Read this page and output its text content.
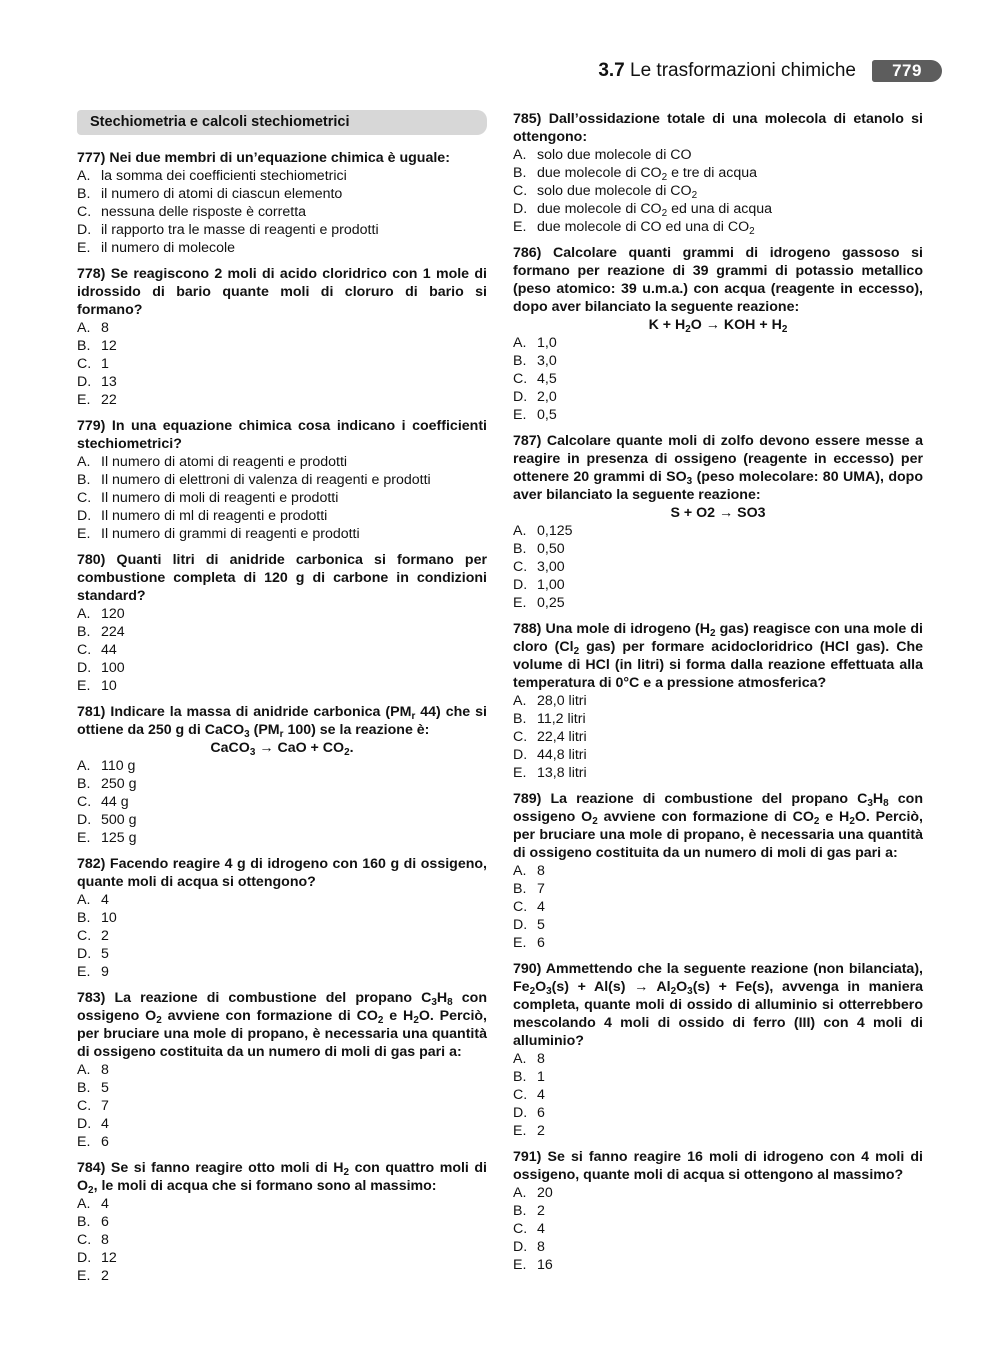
3.7 Le trasformazioni chimiche	779
Stechiometria e calcoli stechiometrici

777) Nei due membri di un’equazione chimica è uguale:

A. la somma dei coefficienti stechiometrici
B. il numero di atomi di ciascun elemento
C. nessuna delle risposte è corretta
D. il rapporto tra le masse di reagenti e prodotti
E. il numero di molecole

778) Se reagiscono 2 moli di acido cloridrico con 1 mole di idrossido di bario quante moli di cloruro di bario si formano?

A. 8
B. 12
C. 1
D. 13
E. 22

779) In una equazione chimica cosa indicano i coefficienti stechiometrici?

A. Il numero di atomi di reagenti e prodotti
B. Il numero di elettroni di valenza di reagenti e prodotti
C. Il numero di moli di reagenti e prodotti
D. Il numero di ml di reagenti e prodotti
E. Il numero di grammi di reagenti e prodotti

780) Quanti litri di anidride carbonica si formano per combustione completa di 120 g di carbone in condizioni standard?

A. 120
B. 224
C. 44
D. 100
E. 10

781) Indicare la massa di anidride carbonica ($PM_r$ 44) che si ottiene da 250 g di CaCO$_3$ ($PM_r$ 100) se la reazione è:

CaCO$_3$ → CaO + $CO_2$.

A. 110 g
B. 250 g
C. 44 g
D. 500 g
E. 125 g

782) Facendo reagire 4 g di idrogeno con 160 g di ossigeno, quante moli di acqua si ottengono?

A. 4
B. 10
C. 2
D. 5
E. 9

783) La reazione di combustione del propano $C_3H_8$ con ossigeno $O_2$ avviene con formazione di $CO_2$ e $H_2O$. Perciò, per bruciare una mole di propano, è necessaria una quantità di ossigeno costituita da un numero di moli di gas pari a:

A. 8
B. 5
C. 7
D. 4
E. 6

784) Se si fanno reagire otto moli di $H_2$ con quattro moli di $O_2$, le moli di acqua che si formano sono al massimo:

A. 4
B. 6
C. 8
D. 12
E. 2

785) Dall’ossidazione totale di una molecola di etanolo si ottengono:

A. solo due molecole di CO
B. due molecole di $CO_2$ e tre di acqua
C. solo due molecole di $CO_2$
D. due molecole di $CO_2$ ed una di acqua
E. due molecole di CO ed una di $CO_2$

786) Calcolare quanti grammi di idrogeno gassoso si formano per reazione di 39 grammi di potassio metallico (peso atomico: 39 u.m.a.) con acqua (reagente in eccesso), dopo aver bilanciato la seguente reazione:

$K + H_2O$ → KOH + $H_2$

A. 1,0
B. 3,0
C. 4,5
D. 2,0
E. 0,5

787) Calcolare quante moli di zolfo devono essere messe a reagire in presenza di ossigeno (reagente in eccesso) per ottenere 20 grammi di $SO_3$ (peso molecolare: 80 UMA), dopo aver bilanciato la seguente reazione:

S + O2 → SO3

A. 0,125
B. 0,50
C. 3,00
D. 1,00
E. 0,25

788) Una mole di idrogeno ($H_2$ gas) reagisce con una mole di cloro ($Cl_2$ gas) per formare acidocloridrico (HCl gas). Che volume di HCl (in litri) si forma dalla reazione effettuata alla temperatura di 0°C e a pressione atmosferica?

A. 28,0 litri
B. 11,2 litri
C. 22,4 litri
D. 44,8 litri
E. 13,8 litri

789) La reazione di combustione del propano $C_3H_8$ con ossigeno $O_2$ avviene con formazione di $CO_2$ e $H_2O$. Perciò, per bruciare una mole di propano, è necessaria una quantità di ossigeno costituita da un numero di moli di gas pari a:

A. 8
B. 7
C. 4
D. 5
E. 6

790) Ammettendo che la seguente reazione (non bilanciata), $Fe_2O_3(s) + Al(s) \to Al_2O_3(s) + Fe(s)$, avvenga in maniera completa, quante moli di ossido di alluminio si otterrebbero mescolando 4 moli di ossido di ferro (III) con 4 moli di alluminio?

A. 8
B. 1
C. 4
D. 6
E. 2

791) Se si fanno reagire 16 moli di idrogeno con 4 moli di ossigeno, quante moli di acqua si ottengono al massimo?

A. 20
B. 2
C. 4
D. 8
E. 16
